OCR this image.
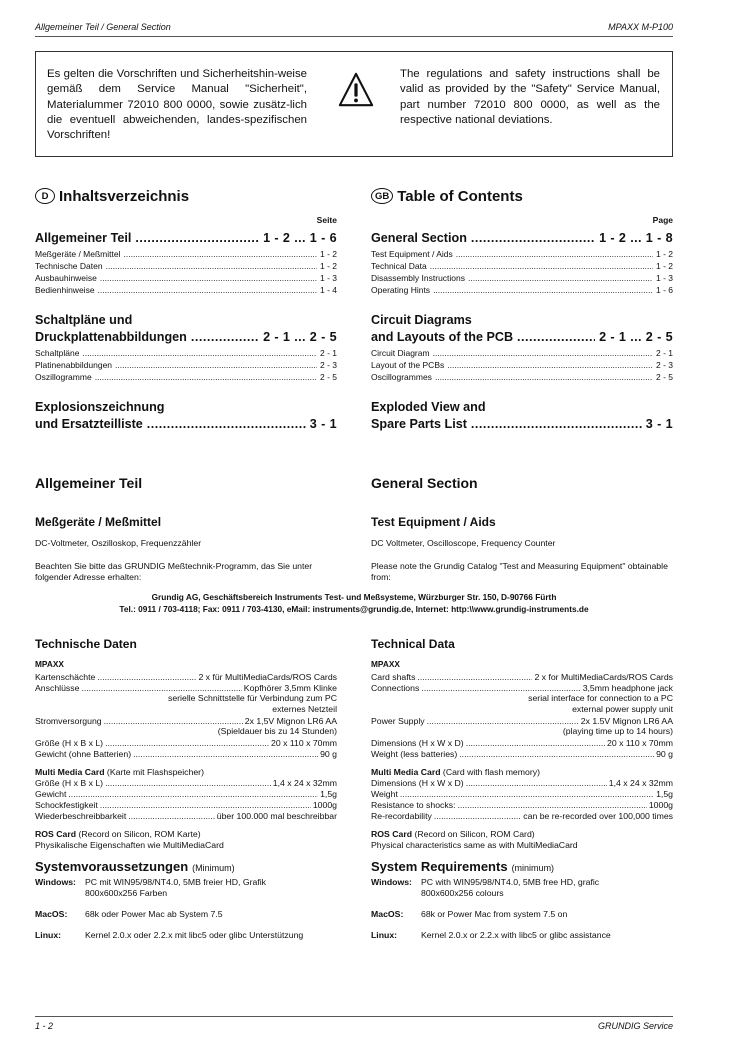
Allgemeiner Teil / General Section	MPAXX M-P100
Es gelten die Vorschriften und Sicherheitshin-weise gemäß dem Service Manual "Sicherheit", Materialummer 72010 800 0000, sowie zusätz-lich die eventuell abweichenden, landes-spezifischen Vorschriften!
The regulations and safety instructions shall be valid as provided by the "Safety" Service Manual, part number 72010 800 0000, as well as the respective national deviations.
D Inhaltsverzeichnis
Seite
Allgemeiner Teil .....	1 - 2 ... 1 - 6
Meßgeräte / Meßmittel .....	1 - 2
Technische Daten .....	1 - 2
Ausbauhinweise .....	1 - 3
Bedienhinweise .....	1 - 4
Schaltpläne und
Druckplattenabbildungen .....	2 - 1 ... 2 - 5
Schaltpläne .....	2 - 1
Platinenabbildungen .....	2 - 3
Oszillogramme .....	2 - 5
Explosionszeichnung
und Ersatzteilliste .....	3 - 1
GB Table of Contents
Page
General Section .....	1 - 2 ... 1 - 8
Test Equipment / Aids .....	1 - 2
Technical Data .....	1 - 2
Disassembly Instructions .....	1 - 3
Operating Hints .....	1 - 6
Circuit Diagrams
and Layouts of the PCB .....	2 - 1 ... 2 - 5
Circuit Diagram .....	2 - 1
Layout of the PCBs .....	2 - 3
Oscillogrammes .....	2 - 5
Exploded View and
Spare Parts List .....	3 - 1
Allgemeiner Teil	General Section
Meßgeräte / Meßmittel	Test Equipment / Aids
DC-Voltmeter, Oszilloskop, Frequenzzähler	DC Voltmeter, Oscilloscope, Frequency Counter
Beachten Sie bitte das GRUNDIG Meßtechnik-Programm, das Sie unter folgender Adresse erhalten:
Please note the Grundig Catalog "Test and Measuring Equipment" obtainable from:
Grundig AG, Geschäftsbereich Instruments Test- und Meßsysteme, Würzburger Str. 150, D-90766 Fürth
Tel.: 0911 / 703-4118; Fax: 0911 / 703-4130, eMail: instruments@grundig.de, Internet: http:\\www.grundig-instruments.de
Technische Daten
MPAXX
Kartenschächte .....	2 x für MultiMediaCards/ROS Cards
Anschlüsse .....	Kopfhörer 3,5mm Klinke
serielle Schnittstelle für Verbindung zum PC
externes Netzteil
Stromversorgung .....	2x 1,5V Mignon LR6 AA
(Spieldauer bis zu 14 Stunden)
Größe (H x B x L) .....	20 x 110 x 70mm
Gewicht (ohne Batterien) .....	90 g
Multi Media Card (Karte mit Flashspeicher)
Größe (H x B x L) .....	1,4 x 24 x 32mm
Gewicht .....	1,5g
Schockfestigkeit .....	1000g
Wiederbeschreibbarkeit .....	über 100.000 mal beschreibbar
ROS Card (Record on Silicon, ROM Karte)
Physikalische Eigenschaften wie MultiMediaCard
Systemvoraussetzungen (Minimum)
Windows:	PC mit WIN95/98/NT4.0, 5MB freier HD, Grafik
800x600x256 Farben
MacOS:	68k oder Power Mac ab System 7.5
Linux:	Kernel 2.0.x oder 2.2.x mit libc5 oder glibc Unterstützung
Technical Data
MPAXX
Card shafts .....	2 x for MultiMediaCards/ROS Cards
Connections .....	3,5mm headphone jack
serial interface for connection to a PC
external power supply unit
Power Supply .....	2x 1.5V Mignon LR6 AA
(playing time up to 14 hours)
Dimensions (H x W x D) .....	20 x 110 x 70mm
Weight (less batteries) .....	90 g
Multi Media Card (Card with flash memory)
Dimensions (H x W x D) .....	1,4 x 24 x 32mm
Weight .....	1,5g
Resistance to shocks: .....	1000g
Re-recordability .....	can be re-recorded over 100,000 times
ROS Card (Record on Silicon, ROM Card)
Physical characteristics same as with MultiMediaCard
System Requirements (minimum)
Windows:	PC with WIN95/98/NT4.0, 5MB free HD, grafic
800x600x256 colours
MacOS:	68k or Power Mac from system 7.5 on
Linux:	Kernel 2.0.x or 2.2.x with libc5 or glibc assistance
1 - 2	GRUNDIG Service
